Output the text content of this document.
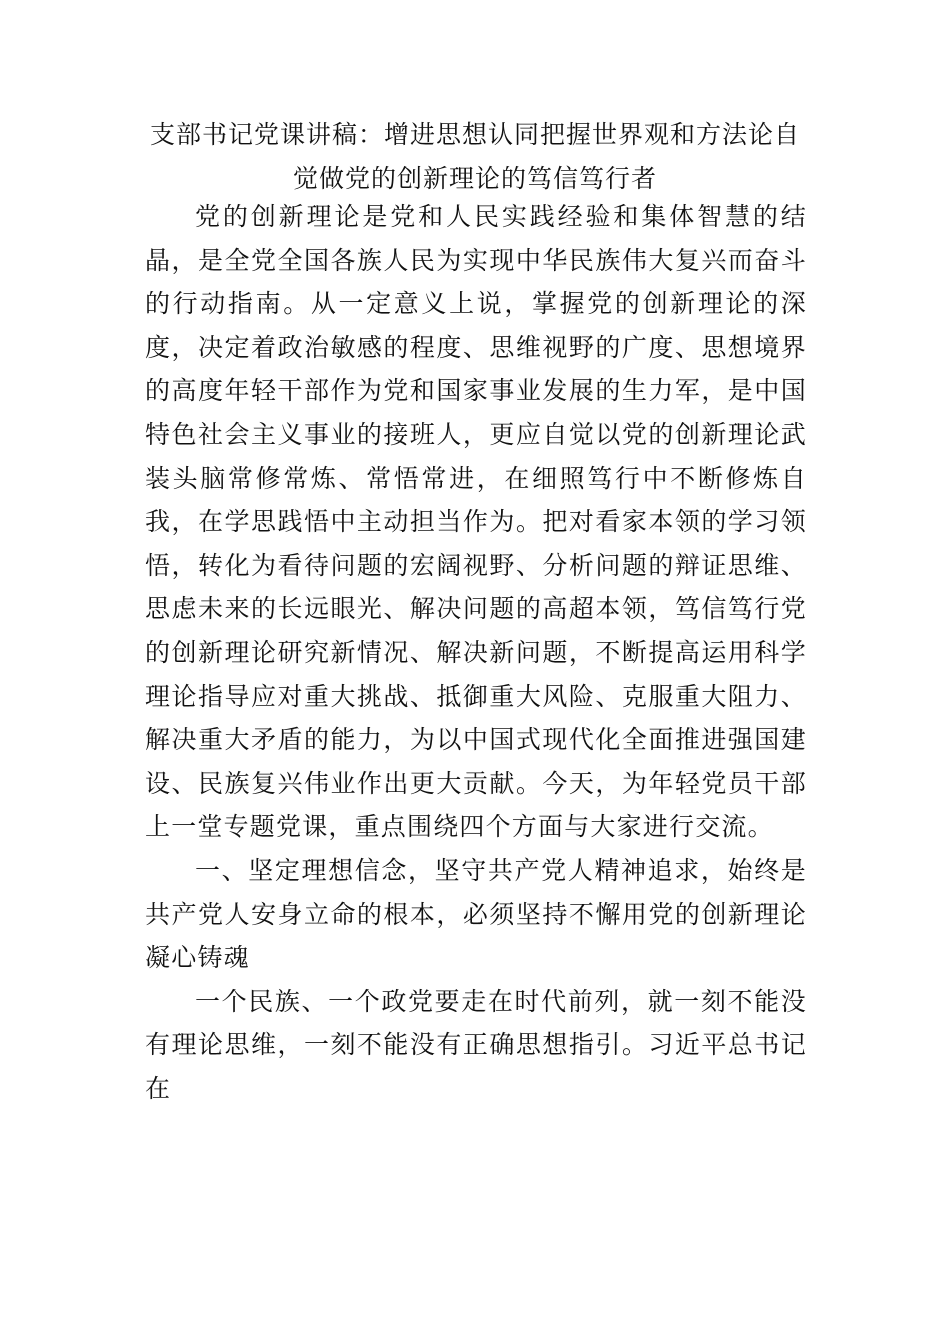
支部书记党课讲稿：增进思想认同把握世界观和方法论自
觉做党的创新理论的笃信笃行者

党的创新理论是党和人民实践经验和集体智慧的结晶，是全党全国各族人民为实现中华民族伟大复兴而奋斗的行动指南。从一定意义上说，掌握党的创新理论的深度，决定着政治敏感的程度、思维视野的广度、思想境界的高度年轻干部作为党和国家事业发展的生力军，是中国特色社会主义事业的接班人，更应自觉以党的创新理论武装头脑常修常炼、常悟常进，在细照笃行中不断修炼自我，在学思践悟中主动担当作为。把对看家本领的学习领悟，转化为看待问题的宏阔视野、分析问题的辩证思维、思虑未来的长远眼光、解决问题的高超本领，笃信笃行党的创新理论研究新情况、解决新问题，不断提高运用科学理论指导应对重大挑战、抵御重大风险、克服重大阻力、解决重大矛盾的能力，为以中国式现代化全面推进强国建设、民族复兴伟业作出更大贡献。今天，为年轻党员干部上一堂专题党课，重点围绕四个方面与大家进行交流。

一、坚定理想信念，坚守共产党人精神追求，始终是共产党人安身立命的根本，必须坚持不懈用党的创新理论凝心铸魂

一个民族、一个政党要走在时代前列，就一刻不能没有理论思维，一刻不能没有正确思想指引。习近平总书记在
